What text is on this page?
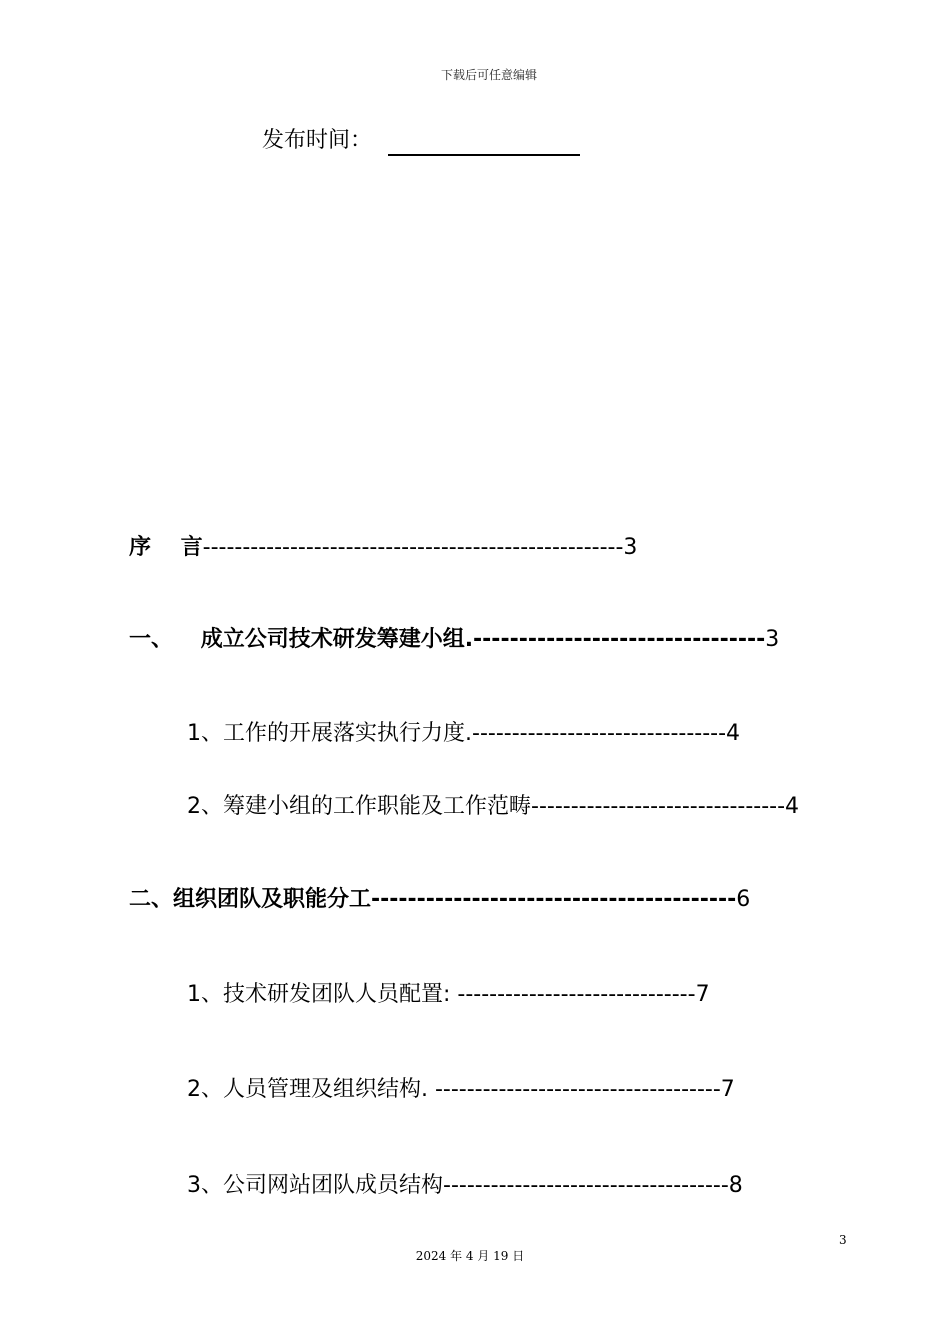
下载后可任意编辑
发布时间：
序　 言-----------------------------------------------------3
一、 成立公司技术研发筹建小组.--------------------------------3
1、工作的开展落实执行力度.--------------------------------4
2、筹建小组的工作职能及工作范畴--------------------------------4
二、组织团队及职能分工----------------------------------------6
1、技术研发团队人员配置: ------------------------------7
2、人员管理及组织结构. ------------------------------------7
3、公司网站团队成员结构------------------------------------8
3
2024 年 4 月 19 日
